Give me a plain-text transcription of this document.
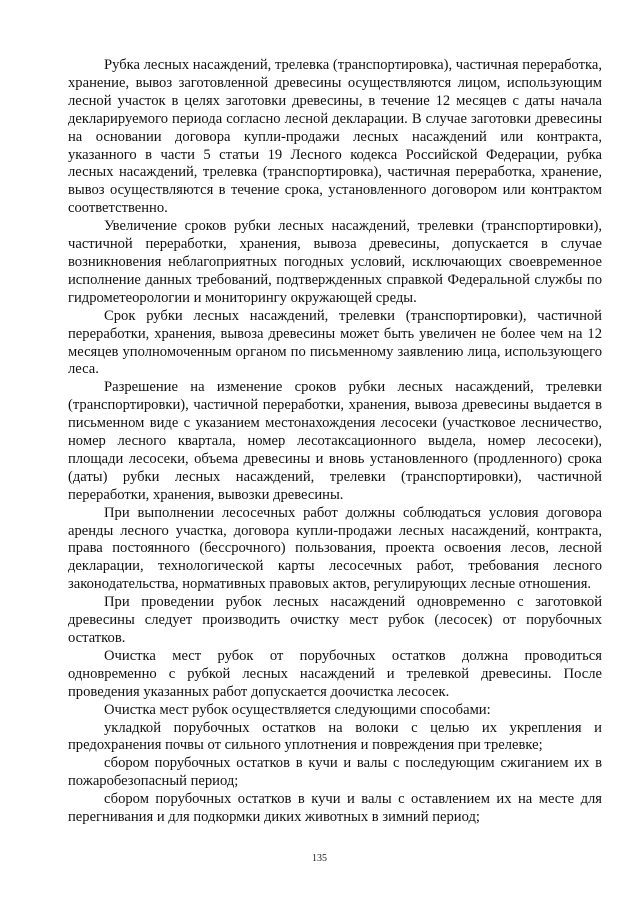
Рубка лесных насаждений, трелевка (транспортировка), частичная переработка, хранение, вывоз заготовленной древесины осуществляются лицом, использующим лесной участок в целях заготовки древесины, в течение 12 месяцев с даты начала декларируемого периода согласно лесной декларации. В случае заготовки древесины на основании договора купли-продажи лесных насаждений или контракта, указанного в части 5 статьи 19 Лесного кодекса Российской Федерации, рубка лесных насаждений, трелевка (транспортировка), частичная переработка, хранение, вывоз осуществляются в течение срока, установленного договором или контрактом соответственно.

Увеличение сроков рубки лесных насаждений, трелевки (транспортировки), частичной переработки, хранения, вывоза древесины, допускается в случае возникновения неблагоприятных погодных условий, исключающих своевременное исполнение данных требований, подтвержденных справкой Федеральной службы по гидрометеорологии и мониторингу окружающей среды.

Срок рубки лесных насаждений, трелевки (транспортировки), частичной переработки, хранения, вывоза древесины может быть увеличен не более чем на 12 месяцев уполномоченным органом по письменному заявлению лица, использующего леса.

Разрешение на изменение сроков рубки лесных насаждений, трелевки (транспортировки), частичной переработки, хранения, вывоза древесины выдается в письменном виде с указанием местонахождения лесосеки (участковое лесничество, номер лесного квартала, номер лесотаксационного выдела, номер лесосеки), площади лесосеки, объема древесины и вновь установленного (продленного) срока (даты) рубки лесных насаждений, трелевки (транспортировки), частичной переработки, хранения, вывозки древесины.

При выполнении лесосечных работ должны соблюдаться условия договора аренды лесного участка, договора купли-продажи лесных насаждений, контракта, права постоянного (бессрочного) пользования, проекта освоения лесов, лесной декларации, технологической карты лесосечных работ, требования лесного законодательства, нормативных правовых актов, регулирующих лесные отношения.

При проведении рубок лесных насаждений одновременно с заготовкой древесины следует производить очистку мест рубок (лесосек) от порубочных остатков.

Очистка мест рубок от порубочных остатков должна проводиться одновременно с рубкой лесных насаждений и трелевкой древесины. После проведения указанных работ допускается доочистка лесосек.

Очистка мест рубок осуществляется следующими способами:

укладкой порубочных остатков на волоки с целью их укрепления и предохранения почвы от сильного уплотнения и повреждения при трелевке;

сбором порубочных остатков в кучи и валы с последующим сжиганием их в пожаробезопасный период;

сбором порубочных остатков в кучи и валы с оставлением их на месте для перегнивания и для подкормки диких животных в зимний период;

135
